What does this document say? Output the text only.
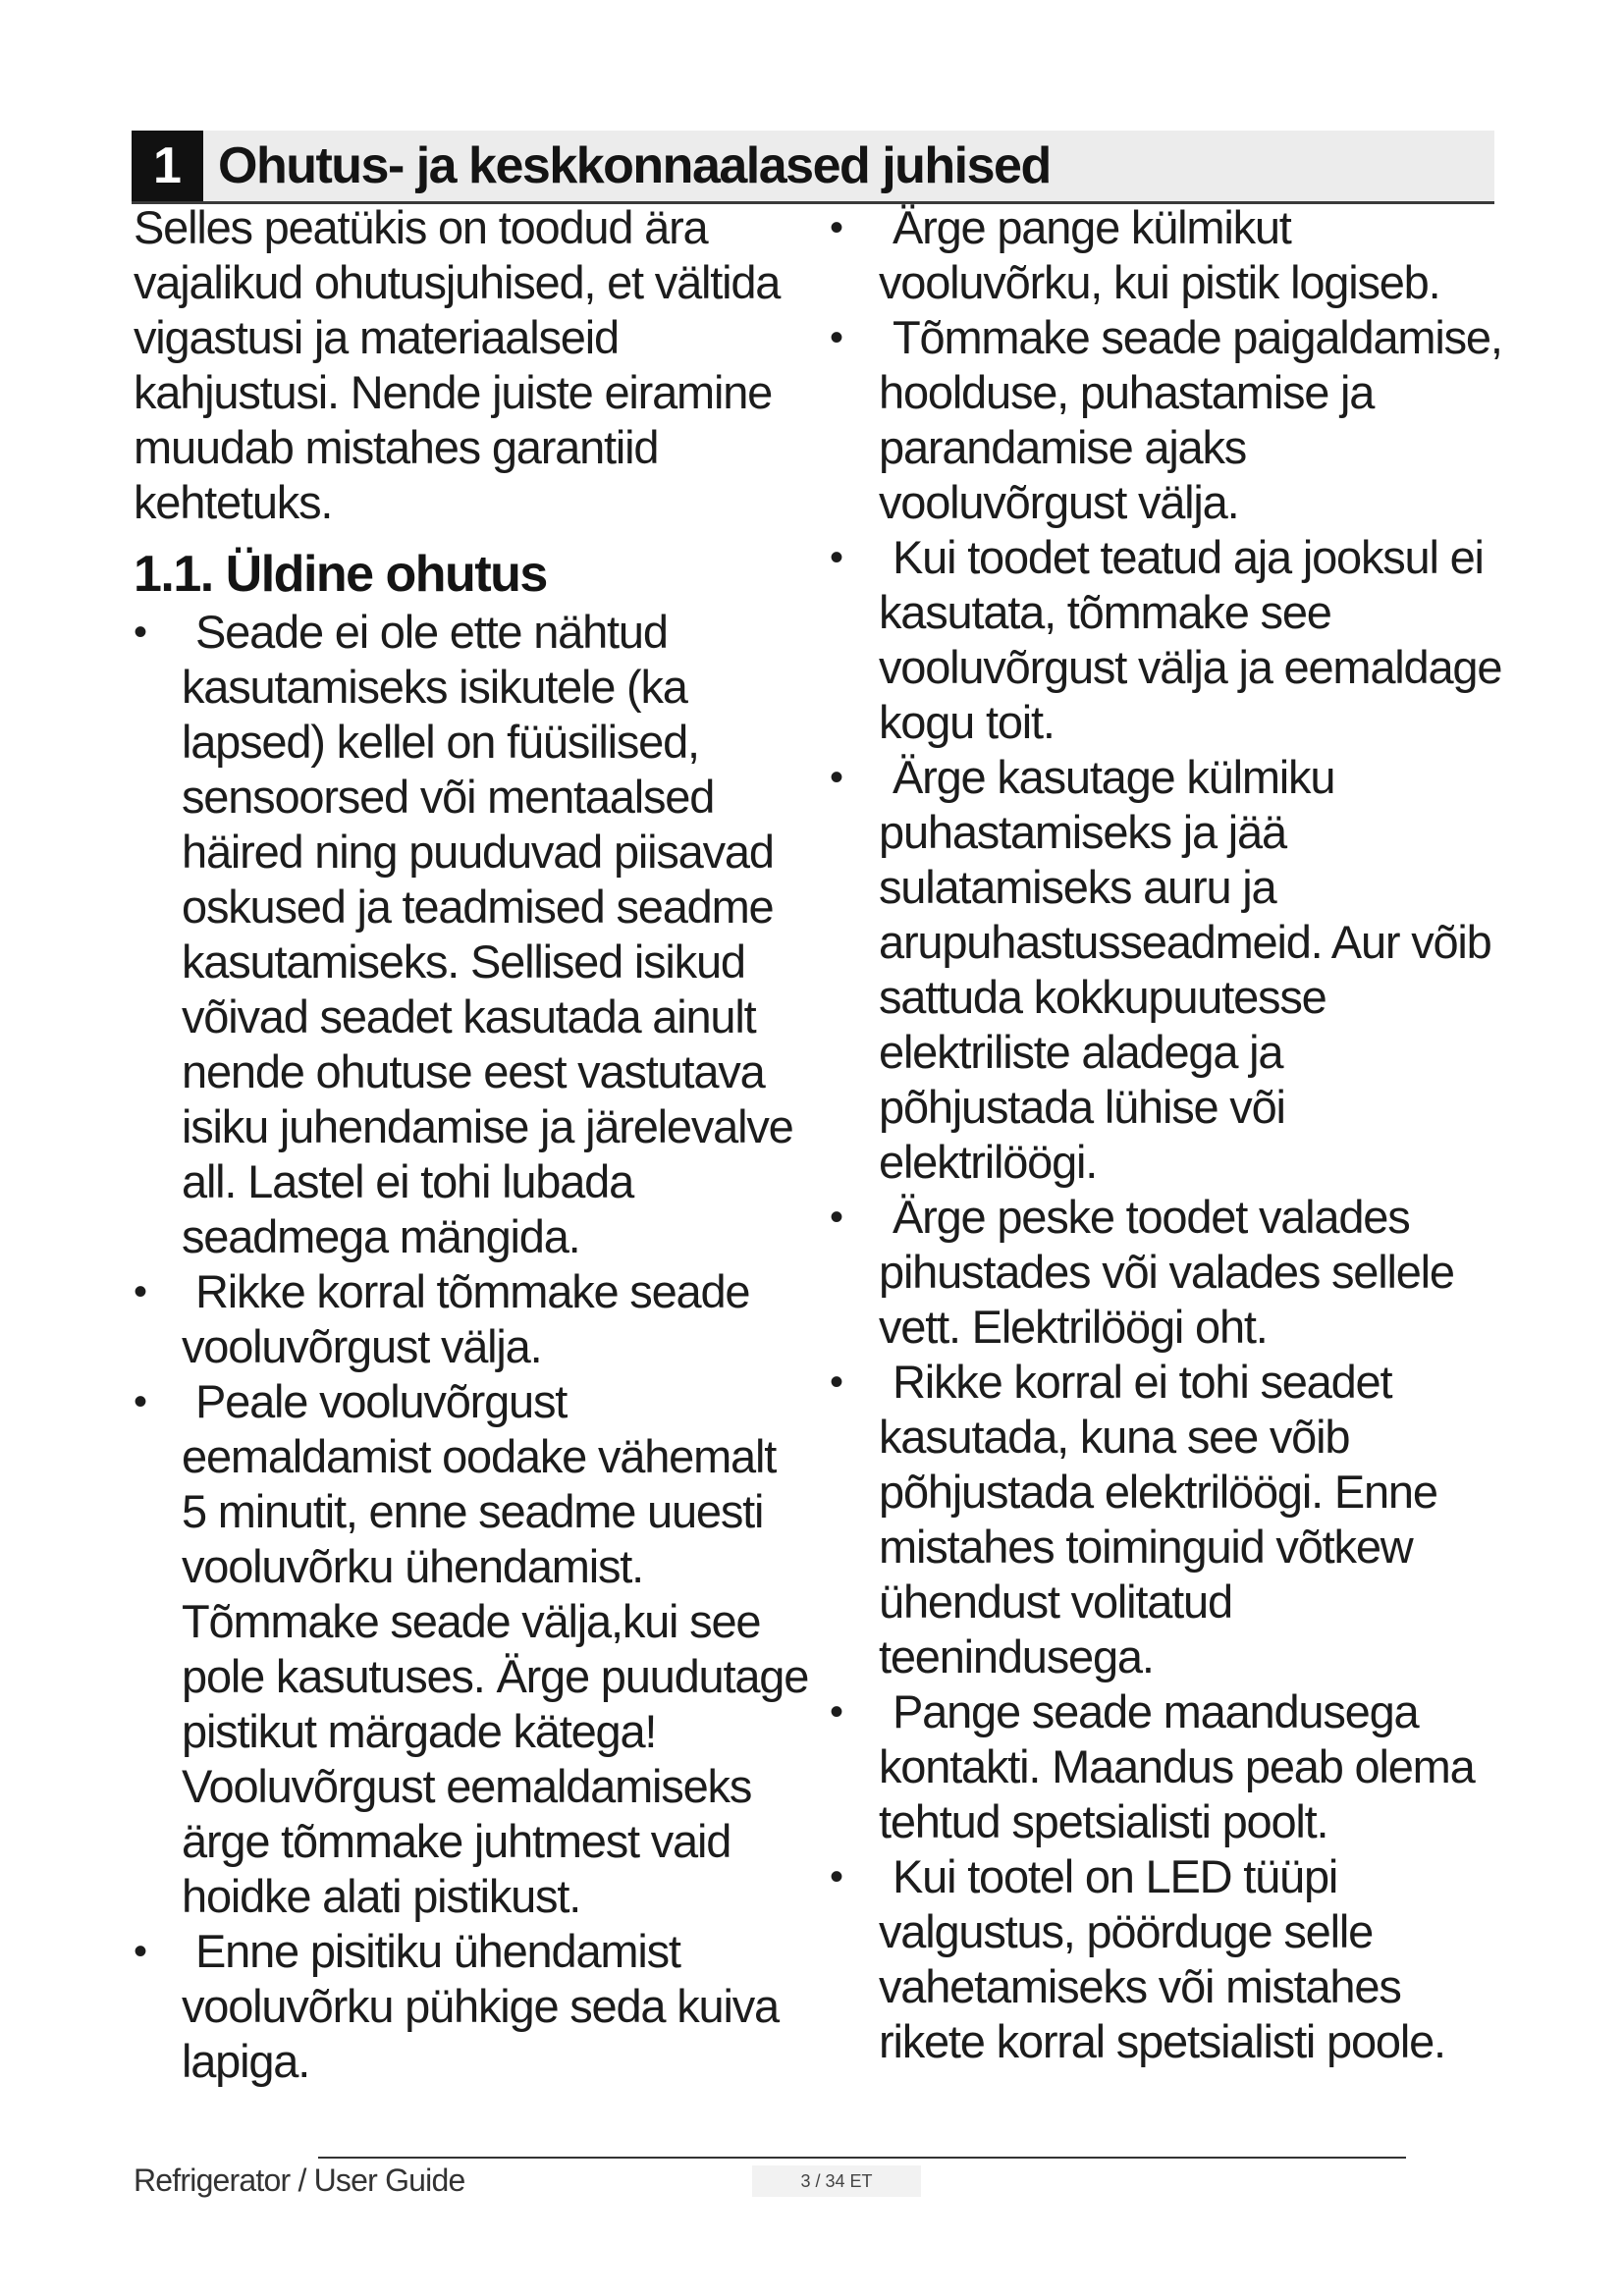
1 Ohutus- ja keskkonnaalased juhised

Selles peatükis on toodud ära vajalikud ohutusjuhised, et vältida vigastusi ja materiaalseid kahjustusi. Nende juiste eiramine muudab mistahes garantiid kehtetuks.

1.1. Üldine ohutus
• Seade ei ole ette nähtud kasutamiseks isikutele (ka lapsed) kellel on füüsilised, sensoorsed või mentaalsed häired ning puuduvad piisavad oskused ja teadmised seadme kasutamiseks. Sellised isikud võivad seadet kasutada ainult nende ohutuse eest vastutava isiku juhendamise ja järelevalve all. Lastel ei tohi lubada seadmega mängida.
• Rikke korral tõmmake seade vooluvõrgust välja.
• Peale vooluvõrgust eemaldamist oodake vähemalt 5 minutit, enne seadme uuesti vooluvõrku ühendamist. Tõmmake seade välja,kui see pole kasutuses. Ärge puudutage pistikut märgade kätega! Vooluvõrgust eemaldamiseks ärge tõmmake juhtmest vaid hoidke alati pistikust.
• Enne pisitiku ühendamist vooluvõrku pühkige seda kuiva lapiga.
• Ärge pange külmikut vooluvõrku, kui pistik logiseb.
• Tõmmake seade paigaldamise, hoolduse, puhastamise ja parandamise ajaks vooluvõrgust välja.
• Kui toodet teatud aja jooksul ei kasutata, tõmmake see vooluvõrgust välja ja eemaldage kogu toit.
• Ärge kasutage külmiku puhastamiseks ja jää sulatamiseks auru ja arupuhastusseadmeid. Aur võib sattuda kokkupuutesse elektriliste aladega ja põhjustada lühise või elektrilöögi.
• Ärge peske toodet valades pihustades või valades sellele vett. Elektrilöögi oht.
• Rikke korral ei tohi seadet kasutada, kuna see võib põhjustada elektrilöögi. Enne mistahes toiminguid võtkew ühendust volitatud teenindusega.
• Pange seade maandusega kontakti. Maandus peab olema tehtud spetsialisti poolt.
• Kui tootel on LED tüüpi valgustus, pöörduge selle vahetamiseks või mistahes rikete korral spetsialisti poole.
Refrigerator / User Guide	3 / 34 ET
